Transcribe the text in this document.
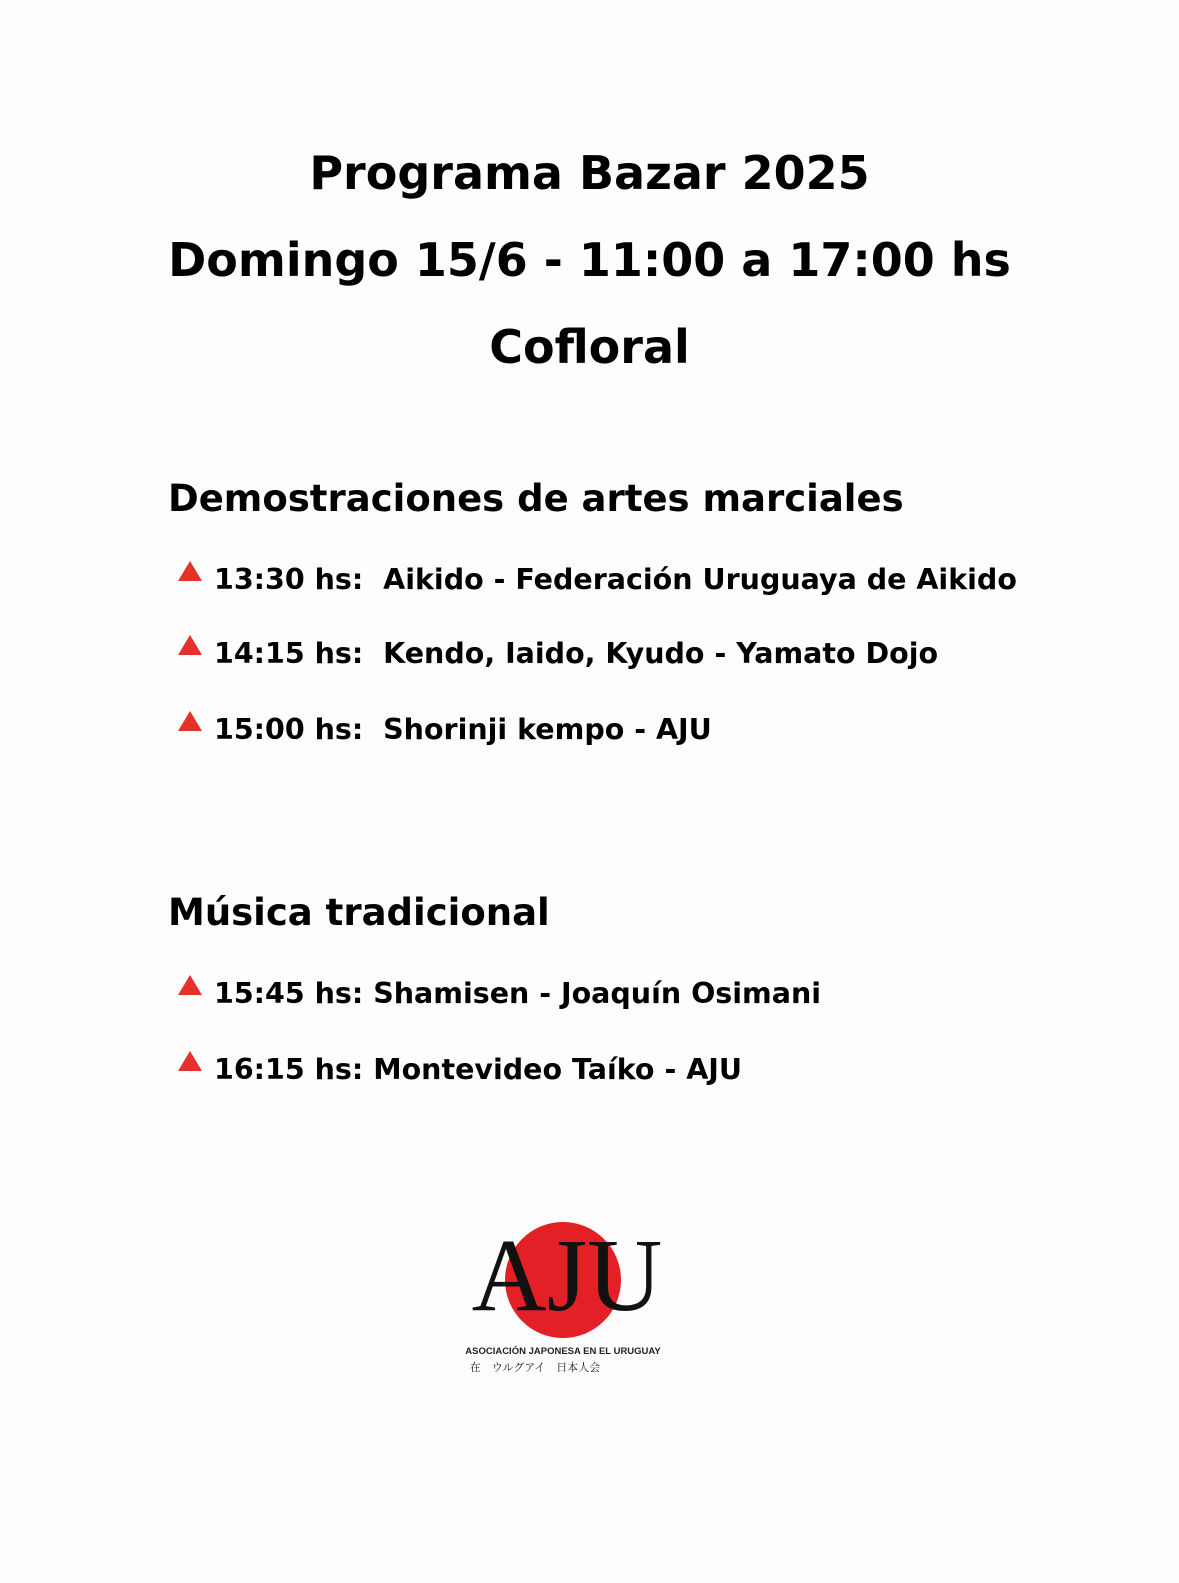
Programa Bazar 2025
Domingo 15/6 - 11:00 a 17:00 hs
Cofloral
Demostraciones de artes marciales
13:30 hs:  Aikido - Federación Uruguaya de Aikido
14:15 hs:  Kendo, Iaido, Kyudo - Yamato Dojo
15:00 hs:  Shorinji kempo - AJU
Música tradicional
15:45 hs: Shamisen - Joaquín Osimani
16:15 hs: Montevideo Taíko - AJU
AJU
ASOCIACIÓN JAPONESA EN EL URUGUAY
在　ウルグアイ　日本人会
